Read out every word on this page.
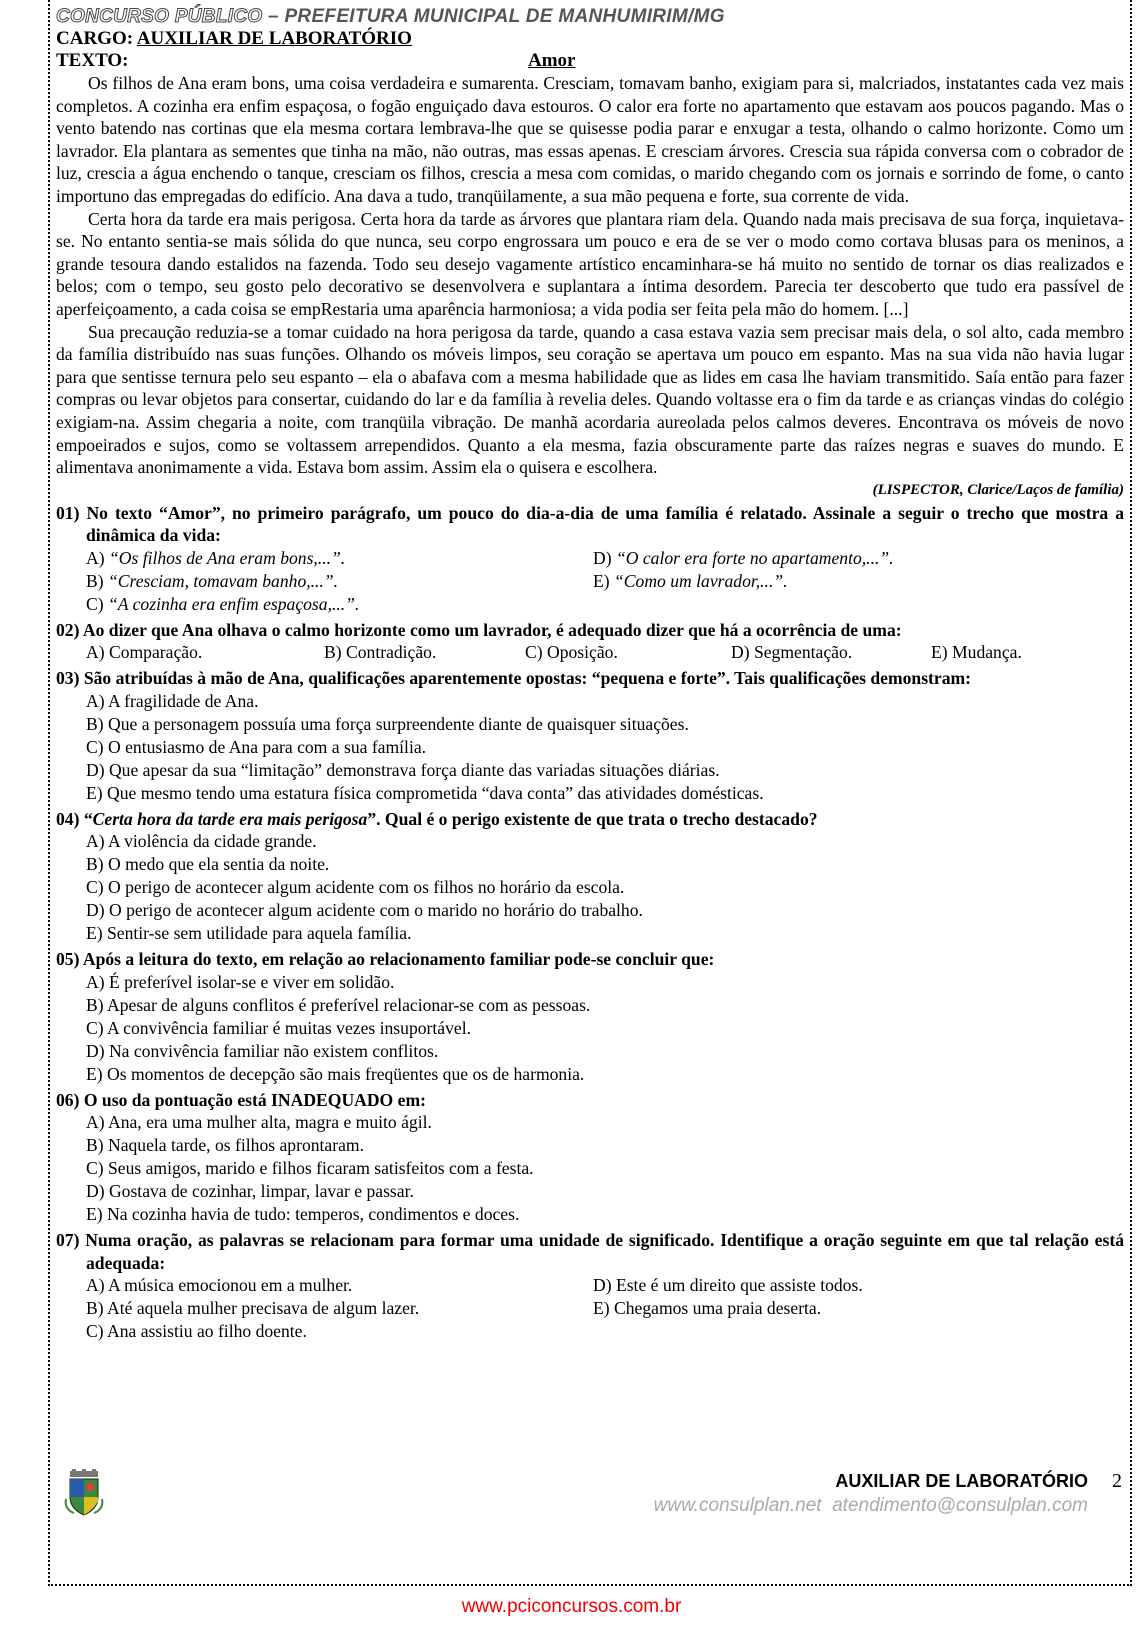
CONCURSO PÚBLICO – PREFEITURA MUNICIPAL DE MANHUMIRIM/MG
CARGO: AUXILIAR DE LABORATÓRIO
TEXTO:	Amor

Os filhos de Ana eram bons, uma coisa verdadeira e sumarenta. Cresciam, tomavam banho, exigiam para si, malcriados, instatantes cada vez mais completos. A cozinha era enfim espaçosa, o fogão enguiçado dava estouros. O calor era forte no apartamento que estavam aos poucos pagando. Mas o vento batendo nas cortinas que ela mesma cortara lembrava-lhe que se quisesse podia parar e enxugar a testa, olhando o calmo horizonte. Como um lavrador. Ela plantara as sementes que tinha na mão, não outras, mas essas apenas. E cresciam árvores. Crescia sua rápida conversa com o cobrador de luz, crescia a água enchendo o tanque, cresciam os filhos, crescia a mesa com comidas, o marido chegando com os jornais e sorrindo de fome, o canto importuno das empregadas do edifício. Ana dava a tudo, tranqüilamente, a sua mão pequena e forte, sua corrente de vida.

Certa hora da tarde era mais perigosa. Certa hora da tarde as árvores que plantara riam dela. Quando nada mais precisava de sua força, inquietava-se. No entanto sentia-se mais sólida do que nunca, seu corpo engrossara um pouco e era de se ver o modo como cortava blusas para os meninos, a grande tesoura dando estalidos na fazenda. Todo seu desejo vagamente artístico encaminhara-se há muito no sentido de tornar os dias realizados e belos; com o tempo, seu gosto pelo decorativo se desenvolvera e suplantara a íntima desordem. Parecia ter descoberto que tudo era passível de aperfeiçoamento, a cada coisa se empRestaria uma aparência harmoniosa; a vida podia ser feita pela mão do homem. [...]

Sua precaução reduzia-se a tomar cuidado na hora perigosa da tarde, quando a casa estava vazia sem precisar mais dela, o sol alto, cada membro da família distribuído nas suas funções. Olhando os móveis limpos, seu coração se apertava um pouco em espanto. Mas na sua vida não havia lugar para que sentisse ternura pelo seu espanto – ela o abafava com a mesma habilidade que as lides em casa lhe haviam transmitido. Saía então para fazer compras ou levar objetos para consertar, cuidando do lar e da família à revelia deles. Quando voltasse era o fim da tarde e as crianças vindas do colégio exigiam-na. Assim chegaria a noite, com tranqüila vibração. De manhã acordaria aureolada pelos calmos deveres. Encontrava os móveis de novo empoeirados e sujos, como se voltassem arrependidos. Quanto a ela mesma, fazia obscuramente parte das raízes negras e suaves do mundo. E alimentava anonimamente a vida. Estava bom assim. Assim ela o quisera e escolhera.

(LISPECTOR, Clarice/Laços de família)
01) No texto “Amor”, no primeiro parágrafo, um pouco do dia-a-dia de uma família é relatado. Assinale a seguir o trecho que mostra a dinâmica da vida:
A) “Os filhos de Ana eram bons,...”.	D) “O calor era forte no apartamento,...”.
B) “Cresciam, tomavam banho,...”.	E) “Como um lavrador,...”.
C) “A cozinha era enfim espaçosa,...”.
02) Ao dizer que Ana olhava o calmo horizonte como um lavrador, é adequado dizer que há a ocorrência de uma:
A) Comparação.	B) Contradição.	C) Oposição.	D) Segmentação.	E) Mudança.
03) São atribuídas à mão de Ana, qualificações aparentemente opostas: “pequena e forte”. Tais qualificações demonstram:
A) A fragilidade de Ana.
B) Que a personagem possuía uma força surpreendente diante de quaisquer situações.
C) O entusiasmo de Ana para com a sua família.
D) Que apesar da sua “limitação” demonstrava força diante das variadas situações diárias.
E) Que mesmo tendo uma estatura física comprometida “dava conta” das atividades domésticas.
04) “Certa hora da tarde era mais perigosa”. Qual é o perigo existente de que trata o trecho destacado?
A) A violência da cidade grande.
B) O medo que ela sentia da noite.
C) O perigo de acontecer algum acidente com os filhos no horário da escola.
D) O perigo de acontecer algum acidente com o marido no horário do trabalho.
E) Sentir-se sem utilidade para aquela família.
05) Após a leitura do texto, em relação ao relacionamento familiar pode-se concluir que:
A) É preferível isolar-se e viver em solidão.
B) Apesar de alguns conflitos é preferível relacionar-se com as pessoas.
C) A convivência familiar é muitas vezes insuportável.
D) Na convivência familiar não existem conflitos.
E) Os momentos de decepção são mais freqüentes que os de harmonia.
06) O uso da pontuação está INADEQUADO em:
A) Ana, era uma mulher alta, magra e muito ágil.
B) Naquela tarde, os filhos aprontaram.
C) Seus amigos, marido e filhos ficaram satisfeitos com a festa.
D) Gostava de cozinhar, limpar, lavar e passar.
E) Na cozinha havia de tudo: temperos, condimentos e doces.
07) Numa oração, as palavras se relacionam para formar uma unidade de significado. Identifique a oração seguinte em que tal relação está adequada:
A) A música emocionou em a mulher.	D) Este é um direito que assiste todos.
B) Até aquela mulher precisava de algum lazer.	E) Chegamos uma praia deserta.
C) Ana assistiu ao filho doente.
AUXILIAR DE LABORATÓRIO 2
www.consulplan.net  atendimento@consulplan.com
www.pciconcursos.com.br
